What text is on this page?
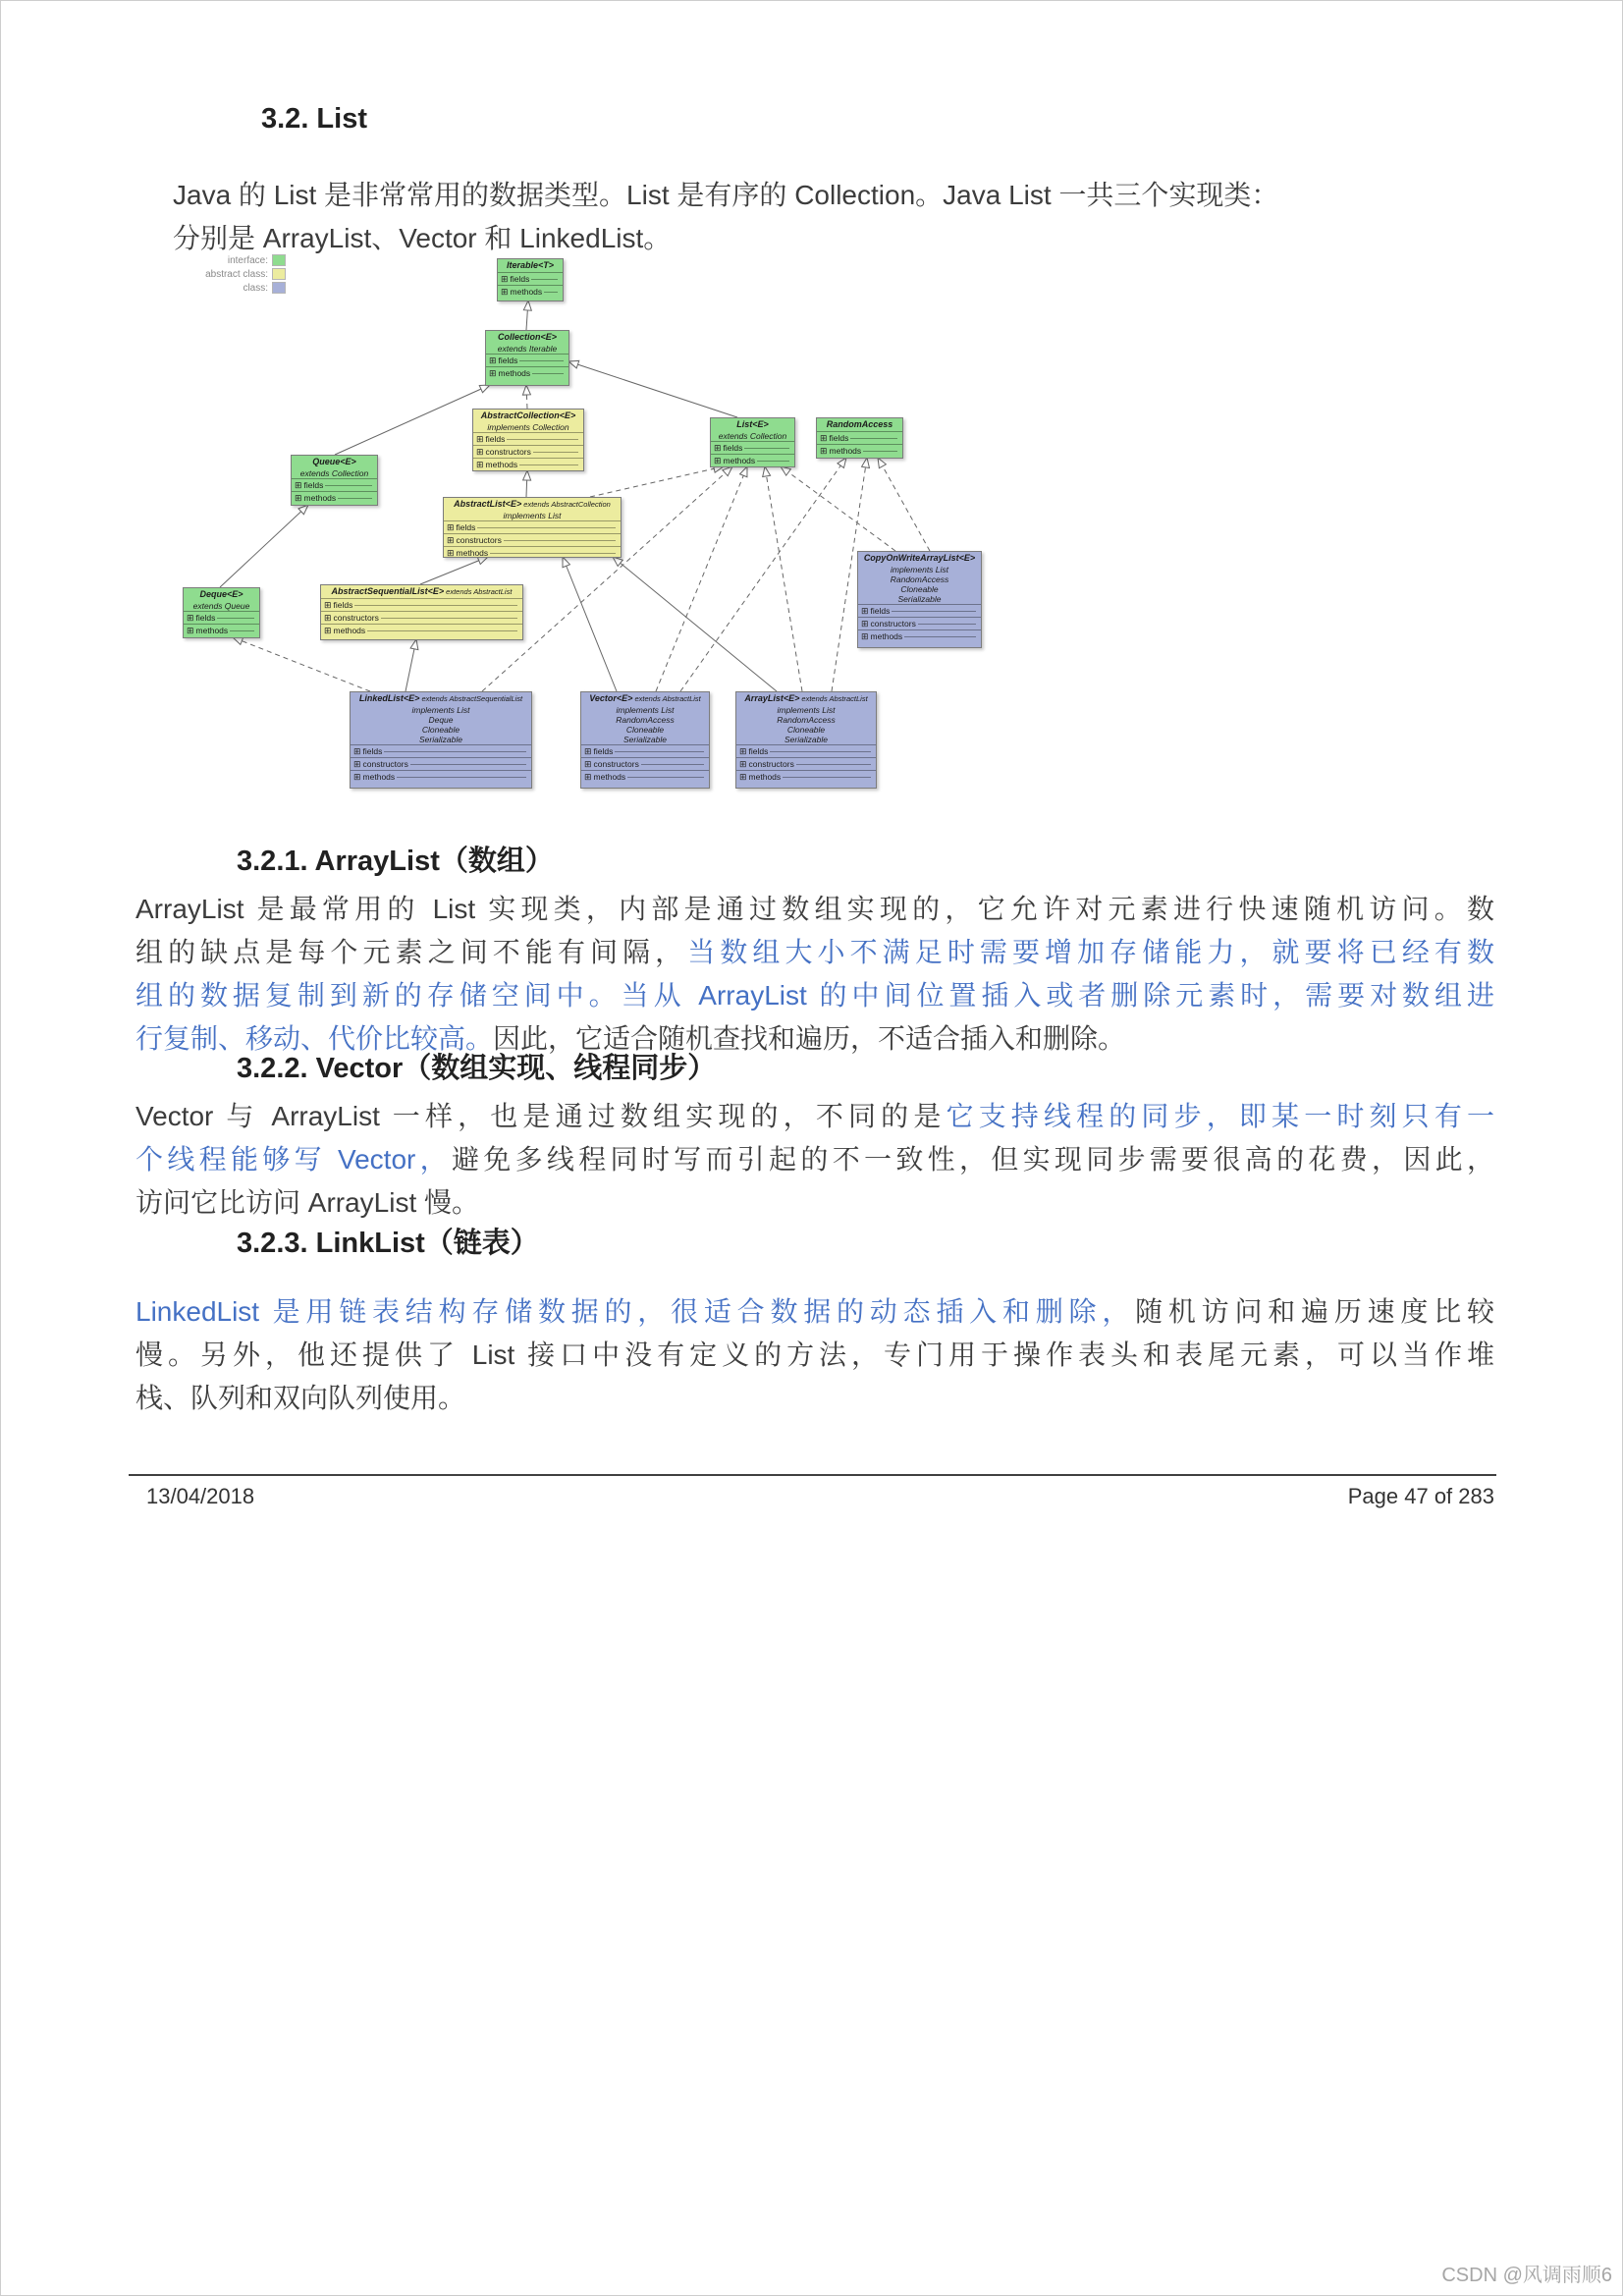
3.2. List
Java 的 List 是非常常用的数据类型。List 是有序的 Collection。Java List 一共三个实现类：
分别是 ArrayList、Vector 和 LinkedList。
interface:
abstract class:
class:
Iterable<T>
⊞ fields
⊞ methods
Collection<E>
extends Iterable
⊞ fields
⊞ methods
AbstractCollection<E>
implements Collection
⊞ fields
⊞ constructors
⊞ methods
Queue<E>
extends Collection
⊞ fields
⊞ methods
List<E>
extends Collection
⊞ fields
⊞ methods
RandomAccess
⊞ fields
⊞ methods
AbstractList<E> extends AbstractCollection
implements List
⊞ fields
⊞ constructors
⊞ methods
Deque<E>
extends Queue
⊞ fields
⊞ methods
AbstractSequentialList<E> extends AbstractList
⊞ fields
⊞ constructors
⊞ methods
CopyOnWriteArrayList<E>
implements List
RandomAccess
Cloneable
Serializable
⊞ fields
⊞ constructors
⊞ methods
LinkedList<E> extends AbstractSequentialList
implements List
Deque
Cloneable
Serializable
⊞ fields
⊞ constructors
⊞ methods
Vector<E> extends AbstractList
implements List
RandomAccess
Cloneable
Serializable
⊞ fields
⊞ constructors
⊞ methods
ArrayList<E> extends AbstractList
implements List
RandomAccess
Cloneable
Serializable
⊞ fields
⊞ constructors
⊞ methods
3.2.1. ArrayList（数组）
ArrayList 是最常用的 List 实现类，内部是通过数组实现的，它允许对元素进行快速随机访问。数
组的缺点是每个元素之间不能有间隔，当数组大小不满足时需要增加存储能力，就要将已经有数
组的数据复制到新的存储空间中。当从 ArrayList 的中间位置插入或者删除元素时，需要对数组进
行复制、移动、代价比较高。因此，它适合随机查找和遍历，不适合插入和删除。
3.2.2. Vector（数组实现、线程同步）
Vector 与 ArrayList 一样，也是通过数组实现的，不同的是它支持线程的同步，即某一时刻只有一
个线程能够写 Vector，避免多线程同时写而引起的不一致性，但实现同步需要很高的花费，因此，
访问它比访问 ArrayList 慢。
3.2.3. LinkList（链表）
LinkedList 是用链表结构存储数据的，很适合数据的动态插入和删除，随机访问和遍历速度比较
慢。另外，他还提供了 List 接口中没有定义的方法，专门用于操作表头和表尾元素，可以当作堆
栈、队列和双向队列使用。
13/04/2018	Page 47 of 283
CSDN @风调雨顺6
